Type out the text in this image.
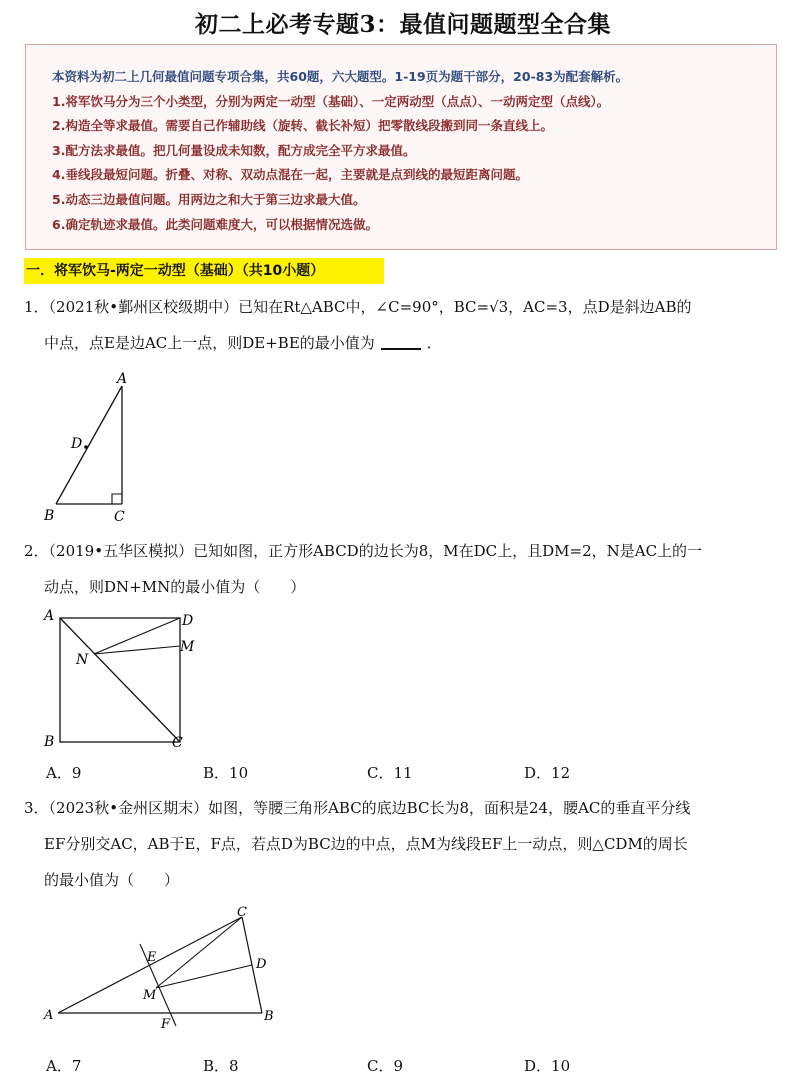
初二上必考专题3：最值问题题型全合集
本资料为初二上几何最值问题专项合集，共60题，六大题型。1-19页为题干部分，20-83为配套解析。
1.将军饮马分为三个小类型，分别为两定一动型（基础）、一定两动型（点点）、一动两定型（点线）。
2.构造全等求最值。需要自己作辅助线（旋转、截长补短）把零散线段搬到同一条直线上。
3.配方法求最值。把几何量设成未知数，配方成完全平方求最值。
4.垂线段最短问题。折叠、对称、双动点混在一起，主要就是点到线的最短距离问题。
5.动态三边最值问题。用两边之和大于第三边求最大值。
6.确定轨迹求最值。此类问题难度大，可以根据情况选做。
一．将军饮马-两定一动型（基础）（共10小题）
1．（2021秋•鄞州区校级期中）已知在Rt△ABC中，∠C=90°，BC=√3，AC=3，点D是斜边AB的
中点，点E是边AC上一点，则DE+BE的最小值为	．
A
B	C
D
2．（2019•五华区模拟）已知如图，正方形ABCD的边长为8，M在DC上，且DM=2，N是AC上的一
动点，则DN+MN的最小值为（　　）
A	D
M
N
B	C
A．9	B．10	C．11	D．12
3．（2023秋•金州区期末）如图，等腰三角形ABC的底边BC长为8，面积是24，腰AC的垂直平分线
EF分别交AC，AB于E，F点，若点D为BC边的中点，点M为线段EF上一动点，则△CDM的周长
的最小值为（　　）
C
E	D
M
A	B
F
A．7	B．8	C．9	D．10
